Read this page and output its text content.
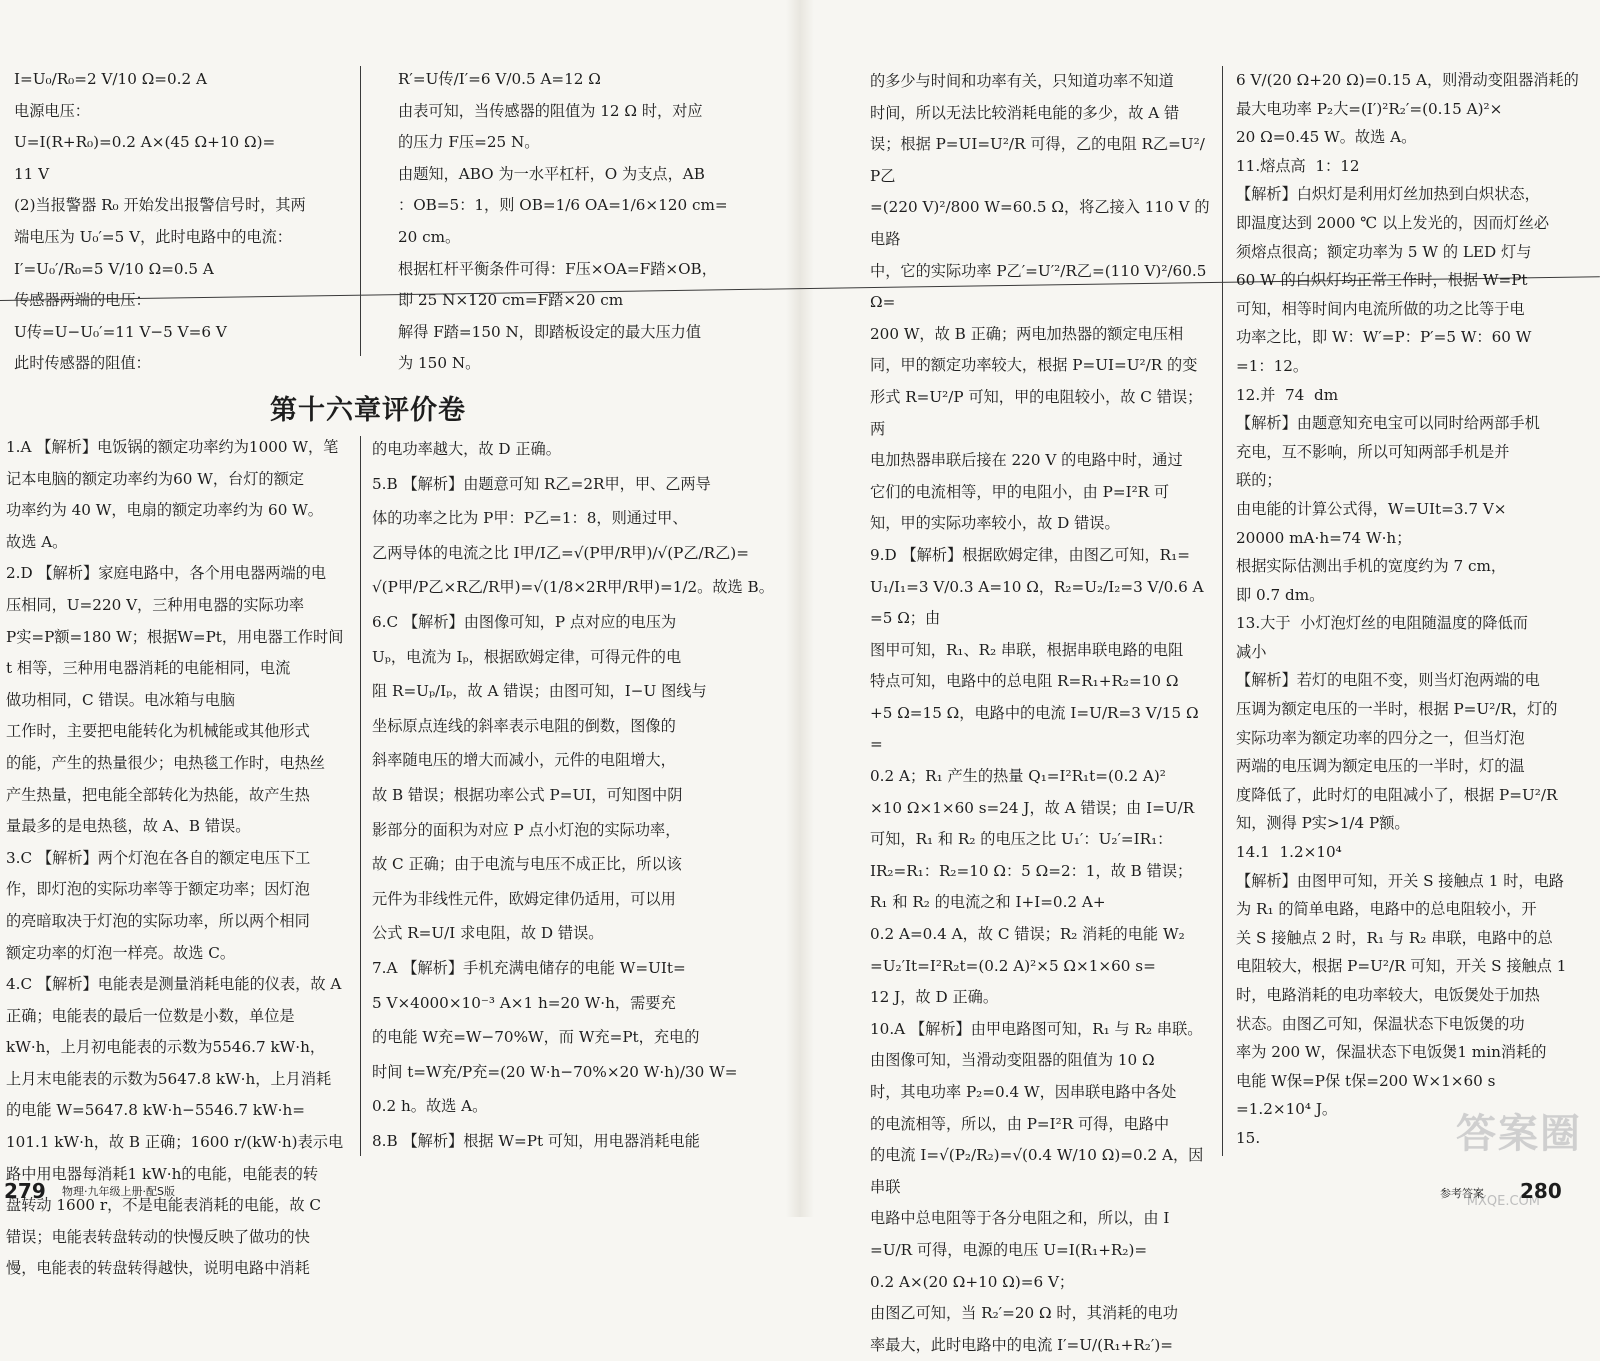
I=U₀/R₀=2 V/10 Ω=0.2 A
电源电压：
U=I(R+R₀)=0.2 A×(45 Ω+10 Ω)=
11 V
(2)当报警器 R₀ 开始发出报警信号时，其两
端电压为 U₀′=5 V，此时电路中的电流：
I′=U₀′/R₀=5 V/10 Ω=0.5 A
传感器两端的电压：
U传=U−U₀′=11 V−5 V=6 V
此时传感器的阻值：
R′=U传/I′=6 V/0.5 A=12 Ω
由表可知，当传感器的阻值为 12 Ω 时，对应
的压力 F压=25 N。
由题知，ABO 为一水平杠杆，O 为支点，AB
：OB=5：1，则 OB=1/6 OA=1/6×120 cm=
20 cm。
根据杠杆平衡条件可得：F压×OA=F踏×OB，
即 25 N×120 cm=F踏×20 cm
解得 F踏=150 N，即踏板设定的最大压力值
为 150 N。
第十六章评价卷
1.A 【解析】电饭锅的额定功率约为1000 W，笔
记本电脑的额定功率约为60 W，台灯的额定
功率约为 40 W，电扇的额定功率约为 60 W。
故选 A。
2.D 【解析】家庭电路中，各个用电器两端的电
压相同，U=220 V，三种用电器的实际功率
P实=P额=180 W；根据W=Pt，用电器工作时间
t 相等，三种用电器消耗的电能相同，电流
做功相同，C 错误。电冰箱与电脑
工作时，主要把电能转化为机械能或其他形式
的能，产生的热量很少；电热毯工作时，电热丝
产生热量，把电能全部转化为热能，故产生热
量最多的是电热毯，故 A、B 错误。
3.C 【解析】两个灯泡在各自的额定电压下工
作，即灯泡的实际功率等于额定功率；因灯泡
的亮暗取决于灯泡的实际功率，所以两个相同
额定功率的灯泡一样亮。故选 C。
4.C 【解析】电能表是测量消耗电能的仪表，故 A
正确；电能表的最后一位数是小数，单位是
kW·h，上月初电能表的示数为5546.7 kW·h，
上月末电能表的示数为5647.8 kW·h，上月消耗
的电能 W=5647.8 kW·h−5546.7 kW·h=
101.1 kW·h，故 B 正确；1600 r/(kW·h)表示电
路中用电器每消耗1 kW·h的电能，电能表的转
盘转动 1600 r，不是电能表消耗的电能，故 C
错误；电能表转盘转动的快慢反映了做功的快
慢，电能表的转盘转得越快，说明电路中消耗
的电功率越大，故 D 正确。
5.B 【解析】由题意可知 R乙=2R甲，甲、乙两导
体的功率之比为 P甲：P乙=1：8，则通过甲、
乙两导体的电流之比 I甲/I乙=√(P甲/R甲)/√(P乙/R乙)=
√(P甲/P乙×R乙/R甲)=√(1/8×2R甲/R甲)=1/2。故选 B。
6.C 【解析】由图像可知，P 点对应的电压为
Uₚ，电流为 Iₚ，根据欧姆定律，可得元件的电
阻 R=Uₚ/Iₚ，故 A 错误；由图可知，I−U 图线与
坐标原点连线的斜率表示电阻的倒数，图像的
斜率随电压的增大而减小，元件的电阻增大，
故 B 错误；根据功率公式 P=UI，可知图中阴
影部分的面积为对应 P 点小灯泡的实际功率，
故 C 正确；由于电流与电压不成正比，所以该
元件为非线性元件，欧姆定律仍适用，可以用
公式 R=U/I 求电阻，故 D 错误。
7.A 【解析】手机充满电储存的电能 W=UIt=
5 V×4000×10⁻³ A×1 h=20 W·h，需要充
的电能 W充=W−70%W，而 W充=Pt，充电的
时间 t=W充/P充=(20 W·h−70%×20 W·h)/30 W=
0.2 h。故选 A。
8.B 【解析】根据 W=Pt 可知，用电器消耗电能
279 物理·九年级上册·配S版
的多少与时间和功率有关，只知道功率不知道
时间，所以无法比较消耗电能的多少，故 A 错
误；根据 P=UI=U²/R 可得，乙的电阻 R乙=U²/P乙
=(220 V)²/800 W=60.5 Ω，将乙接入 110 V 的电路
中，它的实际功率 P乙′=U′²/R乙=(110 V)²/60.5 Ω=
200 W，故 B 正确；两电加热器的额定电压相
同，甲的额定功率较大，根据 P=UI=U²/R 的变
形式 R=U²/P 可知，甲的电阻较小，故 C 错误；两
电加热器串联后接在 220 V 的电路中时，通过
它们的电流相等，甲的电阻小，由 P=I²R 可
知，甲的实际功率较小，故 D 错误。
9.D 【解析】根据欧姆定律，由图乙可知，R₁=
U₁/I₁=3 V/0.3 A=10 Ω，R₂=U₂/I₂=3 V/0.6 A=5 Ω；由
图甲可知，R₁、R₂ 串联，根据串联电路的电阻
特点可知，电路中的总电阻 R=R₁+R₂=10 Ω
+5 Ω=15 Ω，电路中的电流 I=U/R=3 V/15 Ω=
0.2 A；R₁ 产生的热量 Q₁=I²R₁t=(0.2 A)²
×10 Ω×1×60 s=24 J，故 A 错误；由 I=U/R
可知，R₁ 和 R₂ 的电压之比 U₁′：U₂′=IR₁：
IR₂=R₁：R₂=10 Ω：5 Ω=2：1，故 B 错误；
R₁ 和 R₂ 的电流之和 I+I=0.2 A+
0.2 A=0.4 A，故 C 错误；R₂ 消耗的电能 W₂
=U₂′It=I²R₂t=(0.2 A)²×5 Ω×1×60 s=
12 J，故 D 正确。
10.A 【解析】由甲电路图可知，R₁ 与 R₂ 串联。
由图像可知，当滑动变阻器的阻值为 10 Ω
时，其电功率 P₂=0.4 W，因串联电路中各处
的电流相等，所以，由 P=I²R 可得，电路中
的电流 I=√(P₂/R₂)=√(0.4 W/10 Ω)=0.2 A，因串联
电路中总电阻等于各分电阻之和，所以，由 I
=U/R 可得，电源的电压 U=I(R₁+R₂)=
0.2 A×(20 Ω+10 Ω)=6 V；
由图乙可知，当 R₂′=20 Ω 时，其消耗的电功
率最大，此时电路中的电流 I′=U/(R₁+R₂′)=
6 V/(20 Ω+20 Ω)=0.15 A，则滑动变阻器消耗的
最大电功率 P₂大=(I′)²R₂′=(0.15 A)²×
20 Ω=0.45 W。故选 A。
11.熔点高  1：12
【解析】白炽灯是利用灯丝加热到白炽状态，
即温度达到 2000 ℃ 以上发光的，因而灯丝必
须熔点很高；额定功率为 5 W 的 LED 灯与
60 W 的白炽灯均正常工作时，根据 W=Pt
可知，相等时间内电流所做的功之比等于电
功率之比，即 W：W′=P：P′=5 W：60 W
=1：12。
12.并  74  dm
【解析】由题意知充电宝可以同时给两部手机
充电，互不影响，所以可知两部手机是并
联的；
由电能的计算公式得，W=UIt=3.7 V×
20000 mA·h=74 W·h；
根据实际估测出手机的宽度约为 7 cm，
即 0.7 dm。
13.大于  小灯泡灯丝的电阻随温度的降低而
减小
【解析】若灯的电阻不变，则当灯泡两端的电
压调为额定电压的一半时，根据 P=U²/R，灯的
实际功率为额定功率的四分之一，但当灯泡
两端的电压调为额定电压的一半时，灯的温
度降低了，此时灯的电阻减小了，根据 P=U²/R
知，测得 P实>1/4 P额。
14.1  1.2×10⁴
【解析】由图甲可知，开关 S 接触点 1 时，电路
为 R₁ 的简单电路，电路中的总电阻较小，开
关 S 接触点 2 时，R₁ 与 R₂ 串联，电路中的总
电阻较大，根据 P=U²/R 可知，开关 S 接触点 1
时，电路消耗的电功率较大，电饭煲处于加热
状态。由图乙可知，保温状态下电饭煲的功
率为 200 W，保温状态下电饭煲1 min消耗的
电能 W保=P保 t保=200 W×1×60 s
=1.2×10⁴ J。
15.	答案圈
MXQE.COM
280
参考答案
